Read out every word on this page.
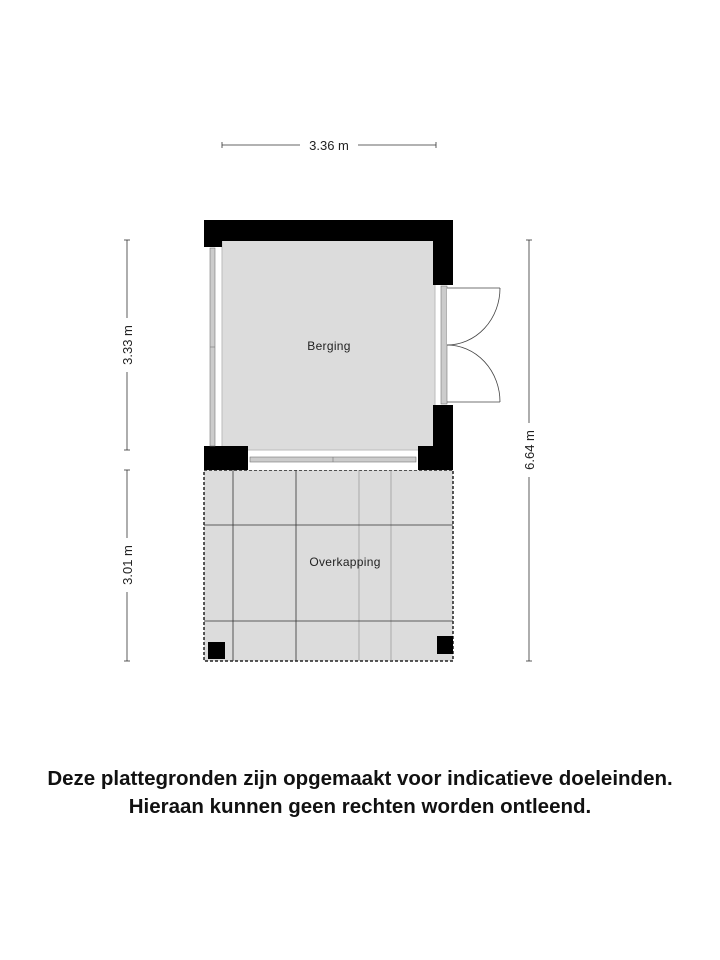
Overkapping
Berging
3.36 m
3.33 m
3.01 m
6.64 m
Deze plattegronden zijn opgemaakt voor indicatieve doeleinden.
Hieraan kunnen geen rechten worden ontleend.
